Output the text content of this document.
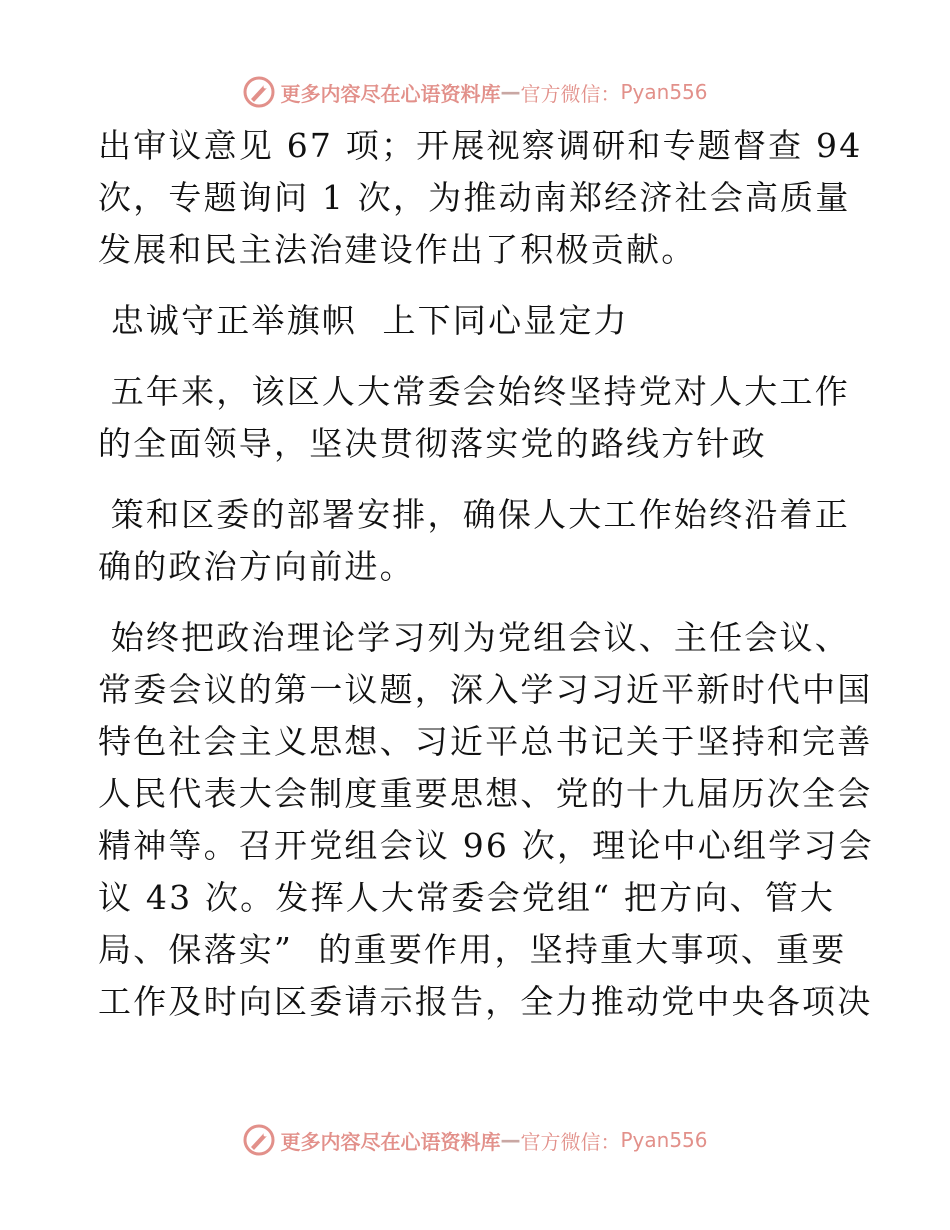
更多内容尽在心语资料库 — 官方微信： Pyan556
出审议意见 67 项；开展视察调研和专题督查 94
次，专题询问 1 次，为推动南郑经济社会高质量
发展和民主法治建设作出了积极贡献。
忠诚守正举旗帜  上下同心显定力
五年来，该区人大常委会始终坚持党对人大工作
的全面领导，坚决贯彻落实党的路线方针政
策和区委的部署安排，确保人大工作始终沿着正
确的政治方向前进。
始终把政治理论学习列为党组会议、主任会议、
常委会议的第一议题，深入学习习近平新时代中国
特色社会主义思想、习近平总书记关于坚持和完善
人民代表大会制度重要思想、党的十九届历次全会
精神等。召开党组会议 96 次，理论中心组学习会
议 43 次。发挥人大常委会党组“ 把方向、管大
局、保落实”  的重要作用，坚持重大事项、重要
工作及时向区委请示报告，全力推动党中央各项决
更多内容尽在心语资料库 — 官方微信： Pyan556
